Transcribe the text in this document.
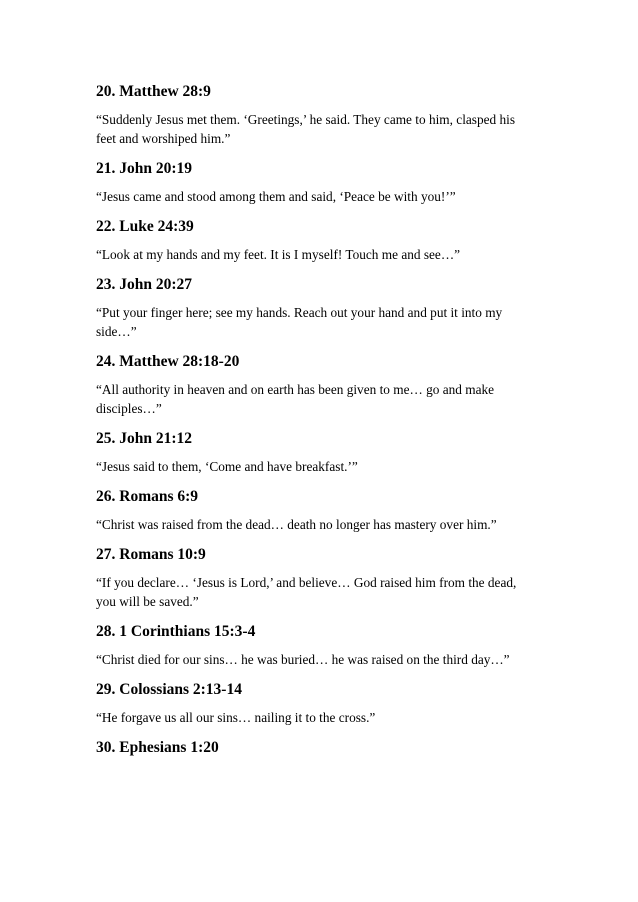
20. Matthew 28:9
“Suddenly Jesus met them. ‘Greetings,’ he said. They came to him, clasped his feet and worshiped him.”
21. John 20:19
“Jesus came and stood among them and said, ‘Peace be with you!’”
22. Luke 24:39
“Look at my hands and my feet. It is I myself! Touch me and see…”
23. John 20:27
“Put your finger here; see my hands. Reach out your hand and put it into my side…”
24. Matthew 28:18-20
“All authority in heaven and on earth has been given to me… go and make disciples…”
25. John 21:12
“Jesus said to them, ‘Come and have breakfast.’”
26. Romans 6:9
“Christ was raised from the dead… death no longer has mastery over him.”
27. Romans 10:9
“If you declare… ‘Jesus is Lord,’ and believe… God raised him from the dead, you will be saved.”
28. 1 Corinthians 15:3-4
“Christ died for our sins… he was buried… he was raised on the third day…”
29. Colossians 2:13-14
“He forgave us all our sins… nailing it to the cross.”
30. Ephesians 1:20
